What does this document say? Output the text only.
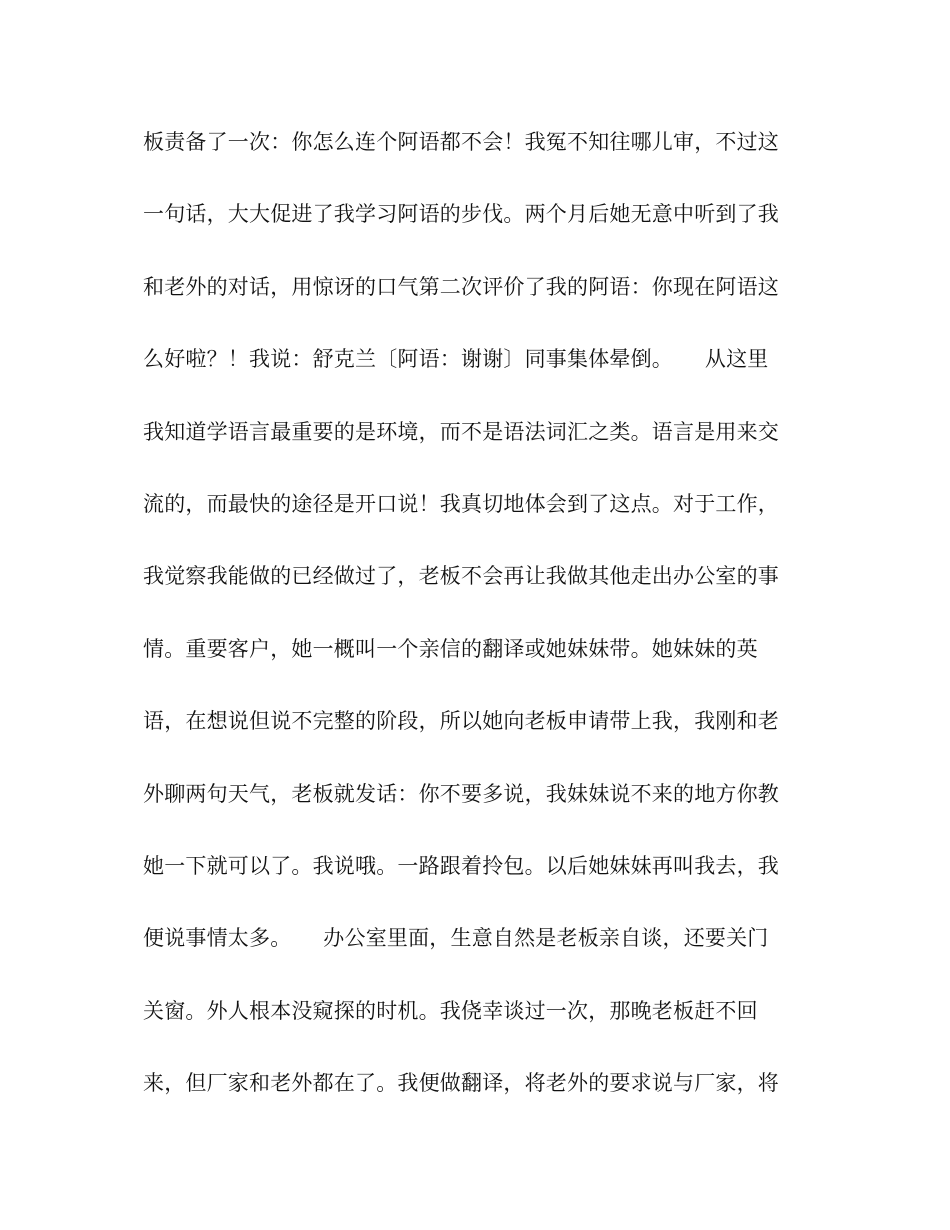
板责备了一次：你怎么连个阿语都不会！我冤不知往哪儿审，不过这
一句话，大大促进了我学习阿语的步伐。两个月后她无意中听到了我
和老外的对话，用惊讶的口气第二次评价了我的阿语：你现在阿语这
么好啦？！我说：舒克兰〔阿语：谢谢〕同事集体晕倒。　　从这里
我知道学语言最重要的是环境，而不是语法词汇之类。语言是用来交
流的，而最快的途径是开口说！我真切地体会到了这点。对于工作，
我觉察我能做的已经做过了，老板不会再让我做其他走出办公室的事
情。重要客户，她一概叫一个亲信的翻译或她妹妹带。她妹妹的英
语，在想说但说不完整的阶段，所以她向老板申请带上我，我刚和老
外聊两句天气，老板就发话：你不要多说，我妹妹说不来的地方你教
她一下就可以了。我说哦。一路跟着拎包。以后她妹妹再叫我去，我
便说事情太多。　　办公室里面，生意自然是老板亲自谈，还要关门
关窗。外人根本没窥探的时机。我侥幸谈过一次，那晚老板赶不回
来，但厂家和老外都在了。我便做翻译，将老外的要求说与厂家，将
